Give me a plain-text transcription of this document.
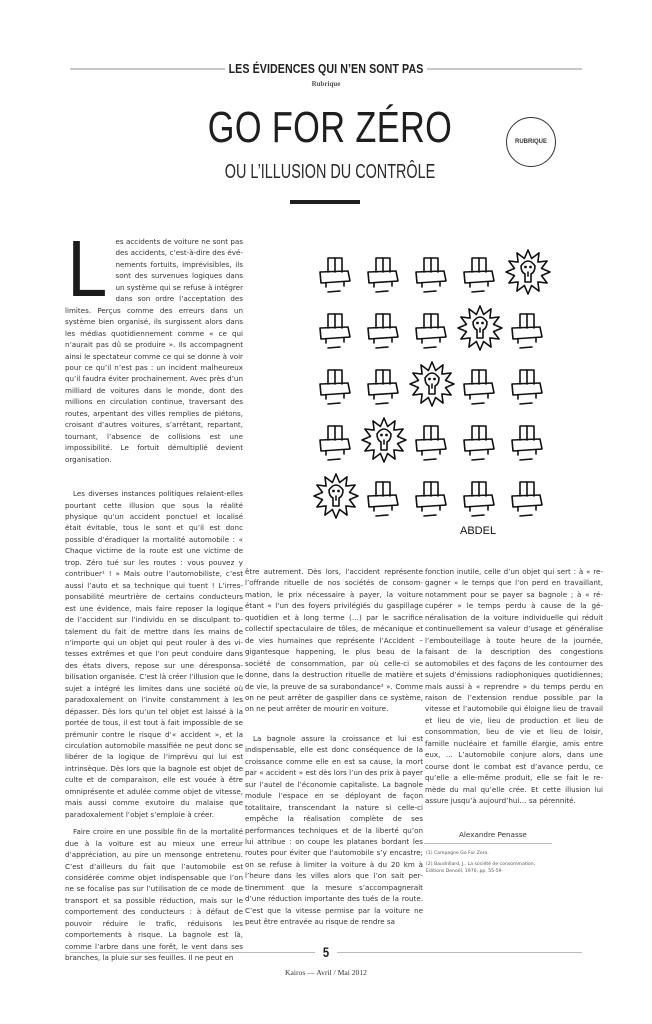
LES ÉVIDENCES QUI N’EN SONT PAS
Rubrique
GO FOR ZÉRO
OU L’ILLUSION DU CONTRÔLE
RUBRIQUE

L es accidents de voiture ne sont pas des accidents, c’est-à-dire des événements fortuits, imprévisibles, ils sont des survenues logiques dans un système qui se refuse à intégrer dans son ordre l’acceptation des limites. Perçus comme des erreurs dans un système bien organisé, ils surgissent alors dans les médias quotidiennement comme « ce qui n’aurait pas dû se produire ». Ils accompagnent ainsi le spectateur comme ce qui se donne à voir pour ce qu’il n’est pas : un incident malheureux qu’il faudra éviter prochainement. Avec près d’un milliard de voitures dans le monde, dont des millions en circulation continue, traversant des routes, arpentant des villes remplies de piétons, croisant d’autres voitures, s’arrêtant, repartant, tournant, l’absence de collisions est une impossibilité. Le fortuit démultiplié devient organisation.

Les diverses instances politiques relaient-elles pourtant cette illusion que sous la réalité physique qu’un accident ponctuel et localisé était évitable, tous le sont et qu’il est donc possible d’éradiquer la mortalité automobile : « Chaque victime de la route est une victime de trop. Zéro tué sur les routes : vous pouvez y contribuer¹ ! » Mais outre l’automobiliste, c’est aussi l’auto et sa technique qui tuent ! L’irresponsabilité meurtrière de certains conducteurs est une évidence, mais faire reposer la logique de l’accident sur l’individu en se disculpant totalement du fait de mettre dans les mains de n’importe qui un objet qui peut rouler à des vitesses extrêmes et que l’on peut conduire dans des états divers, repose sur une déresponsabilisation organisée. C’est là créer l’illusion que le sujet a intégré les limites dans une société où paradoxalement on l’invite constamment à les dépasser. Dès lors qu’un tel objet est laissé à la portée de tous, il est tout à fait impossible de se prémunir contre le risque d’« accident », et la circulation automobile massifiée ne peut donc se libérer de la logique de l’imprévu qui lui est intrinsèque. Dès lors que la bagnole est objet de culte et de comparaison, elle est vouée à être omniprésente et adulée comme objet de vitesse, mais aussi comme exutoire du malaise que paradoxalement l’objet s’emploie à créer.

Faire croire en une possible fin de la mortalité due à la voiture est au mieux une erreur d’appréciation, au pire un mensonge entretenu. C’est d’ailleurs du fait que l’automobile est considérée comme objet indispensable que l’on ne se focalise pas sur l’utilisation de ce mode de transport et sa possible réduction, mais sur le comportement des conducteurs : à défaut de pouvoir réduire le trafic, réduisons les comportements à risque. La bagnole est là, comme l’arbre dans une forêt, le vent dans ses branches, la pluie sur ses feuilles. Il ne peut en

ABDEL

être autrement. Dès lors, l’accident représente l’offrande rituelle de nos sociétés de consommation, le prix nécessaire à payer, la voiture étant « l’un des foyers privilégiés du gaspillage quotidien et à long terme (…) par le sacrifice collectif spectaculaire de tôles, de mécanique et de vies humaines que représente l’Accident – gigantesque happening, le plus beau de la société de consommation, par où celle-ci se donne, dans la destruction rituelle de matière et de vie, la preuve de sa surabondance² ». Comme on ne peut arrêter de gaspiller dans ce système, on ne peut arrêter de mourir en voiture.

La bagnole assure la croissance et lui est indispensable, elle est donc conséquence de la croissance comme elle en est sa cause, la mort par « accident » est dès lors l’un des prix à payer sur l’autel de l’économie capitaliste. La bagnole module l’espace en se déployant de façon totalitaire, transcendant la nature si celle-ci empêche la réalisation complète de ses performances techniques et de la liberté qu’on lui attribue : on coupe les platanes bordant les routes pour éviter que l’automobile s’y encastre; on se refuse à limiter la voiture à du 20 km à l’heure dans les villes alors que l’on sait pertinemment que la mesure s’accompagnerait d’une réduction importante des tués de la route. C’est que la vitesse permise par la voiture ne peut être entravée au risque de rendre sa

fonction inutile, celle d’un objet qui sert : à « regagner » le temps que l’on perd en travaillant, notamment pour se payer sa bagnole ; à « récupérer » le temps perdu à cause de la généralisation de la voiture individuelle qui réduit continuellement sa valeur d’usage et généralise l’embouteillage à toute heure de la journée, faisant de la description des congestions automobiles et des façons de les contourner des sujets d’émissions radiophoniques quotidiennes; mais aussi à « reprendre » du temps perdu en raison de l’extension rendue possible par la vitesse et l’automobile qui éloigne lieu de travail et lieu de vie, lieu de production et lieu de consommation, lieu de vie et lieu de loisir, famille nucléaire et famille élargie, amis entre eux, … L’automobile conjure alors, dans une course dont le combat est d’avance perdu, ce qu’elle a elle-même produit, elle se fait le remède du mal qu’elle crée. Et cette illusion lui assure jusqu’à aujourd’hui… sa pérennité.

Alexandre Penasse

(1) Campagne Go For Zero.
(2) Baudrillard, J., La société de consommation, Editions Denoël, 1970, pp. 55-59
5
Kairos — Avril / Mai 2012
